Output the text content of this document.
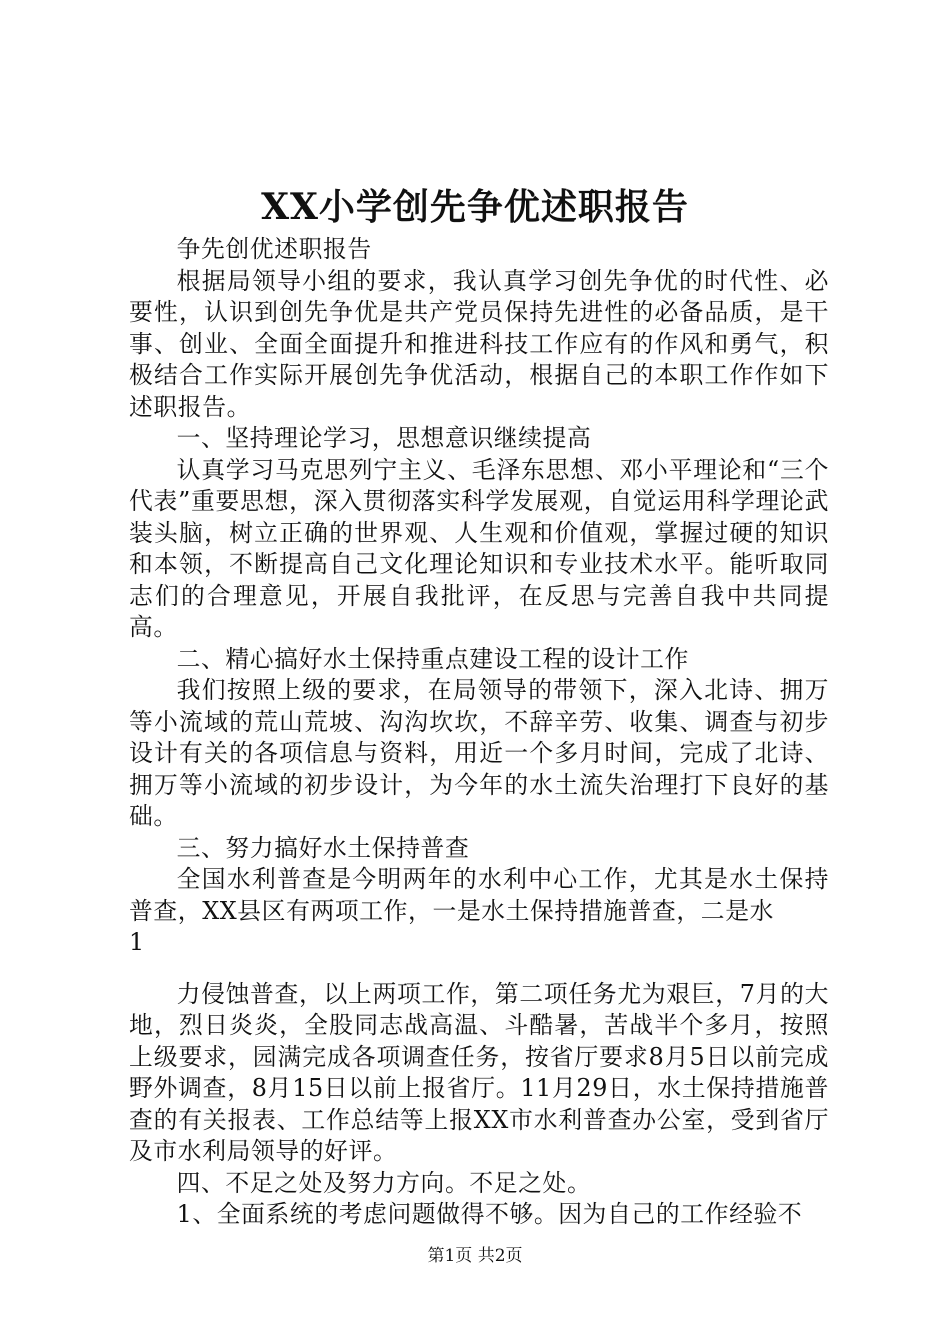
XX小学创先争优述职报告

争先创优述职报告

根据局领导小组的要求，我认真学习创先争优的时代性、必要性，认识到创先争优是共产党员保持先进性的必备品质，是干事、创业、全面全面提升和推进科技工作应有的作风和勇气，积极结合工作实际开展创先争优活动，根据自己的本职工作作如下述职报告。

一、坚持理论学习，思想意识继续提高

认真学习马克思列宁主义、毛泽东思想、邓小平理论和“三个代表”重要思想，深入贯彻落实科学发展观，自觉运用科学理论武装头脑，树立正确的世界观、人生观和价值观，掌握过硬的知识和本领，不断提高自己文化理论知识和专业技术水平。能听取同志们的合理意见，开展自我批评，在反思与完善自我中共同提高。

二、精心搞好水土保持重点建设工程的设计工作

我们按照上级的要求，在局领导的带领下，深入北诗、拥万等小流域的荒山荒坡、沟沟坎坎，不辞辛劳、收集、调查与初步设计有关的各项信息与资料，用近一个多月时间，完成了北诗、拥万等小流域的初步设计，为今年的水土流失治理打下良好的基础。

三、努力搞好水土保持普查

全国水利普查是今明两年的水利中心工作，尤其是水土保持普查，XX县区有两项工作，一是水土保持措施普查，二是水

1

力侵蚀普查，以上两项工作，第二项任务尤为艰巨，7月的大地，烈日炎炎，全股同志战高温、斗酷暑，苦战半个多月，按照上级要求，园满完成各项调查任务，按省厅要求8月5日以前完成野外调查，8月15日以前上报省厅。11月29日，水土保持措施普查的有关报表、工作总结等上报XX市水利普查办公室，受到省厅及市水利局领导的好评。

四、不足之处及努力方向。不足之处。

1、全面系统的考虑问题做得不够。因为自己的工作经验不

第1页 共2页
